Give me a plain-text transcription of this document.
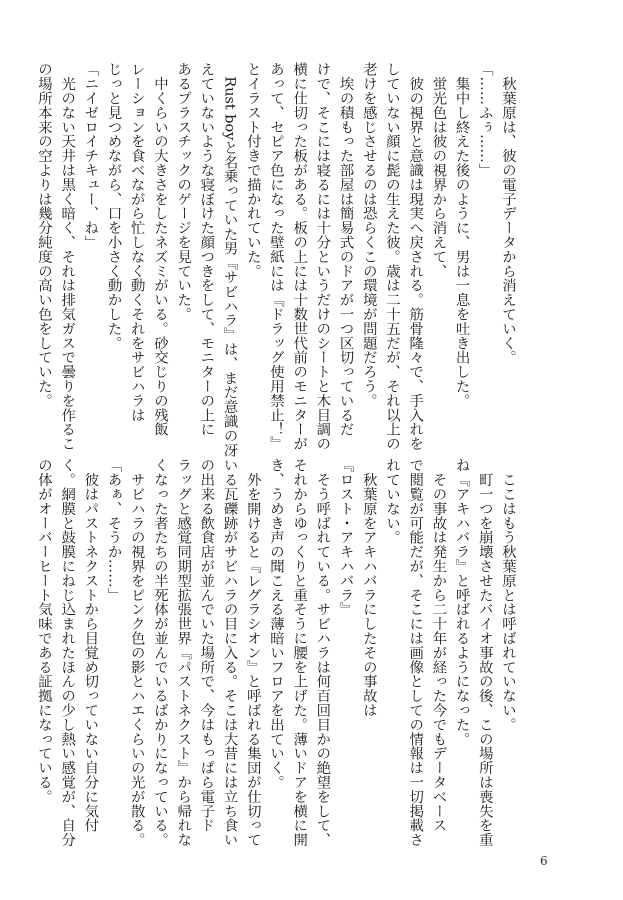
　秋葉原は、彼の電子データから消えていく。
「……ふぅ……」
　集中し終えた後のように、男は一息を吐き出した。
　蛍光色は彼の視界から消えて、
　彼の視界と意識は現実へ戻される。筋骨隆々で、手入れを
していない顔に髭の生えた彼。歳は二十五だが、それ以上の
老けを感じさせるのは恐らくこの環境が問題だろう。
　埃の積もった部屋は簡易式のドアが一つ区切っているだ
けで、そこには寝るには十分というだけのシートと木目調の
横に仕切った板がある。板の上には十数世代前のモニターが
あって、セピア色になった壁紙には『ドラッグ使用禁止！』
とイラスト付きで描かれていた。
　Rust boyと名乗っていた男『サビハラ』は、まだ意識の冴
えていないような寝ぼけた顔つきをして、モニターの上に
あるプラスチックのゲージを見ていた。
　中くらいの大きさをしたネズミがいる。砂交じりの残飯
レーションを食べながら忙しなく動くそれをサビハラは
じっと見つめながら、口を小さく動かした。
「ニイゼロイチキュー、ね」
　光のない天井は黒く暗く、それは排気ガスで曇りを作るこ
の場所本来の空よりは幾分純度の高い色をしていた。
　ここはもう秋葉原とは呼ばれていない。
　町一つを崩壊させたバイオ事故の後、この場所は喪失を重
ね『アキハバラ』と呼ばれるようになった。
　その事故は発生から二十年が経った今でもデータベース
で閲覧が可能だが、そこには画像としての情報は一切掲載さ
れていない。
　秋葉原をアキハバラにしたその事故は
『ロスト・アキハバラ』
　そう呼ばれている。サビハラは何百回目かの絶望をして、
それからゆっくりと重そうに腰を上げた。薄いドアを横に開
き、うめき声の聞こえる薄暗いフロアを出ていく。
　外を開けると『レグラシオン』と呼ばれる集団が仕切って
いる瓦礫跡がサビハラの目に入る。そこは大昔には立ち食い
の出来る飲食店が並んでいた場所で、今はもっぱら電子ド
ラッグと感覚同期型拡張世界『パストネクスト』から帰れな
くなった者たちの半死体が並んでいるばかりになっている。
　サビハラの視界をピンク色の影とハエくらいの光が散る。
「あぁ、そうか……」
　彼はパストネクストから目覚め切っていない自分に気付
く。網膜と鼓膜にねじ込まれたほんの少し熱い感覚が、自分
の体がオーバーヒート気味である証拠になっている。
6
